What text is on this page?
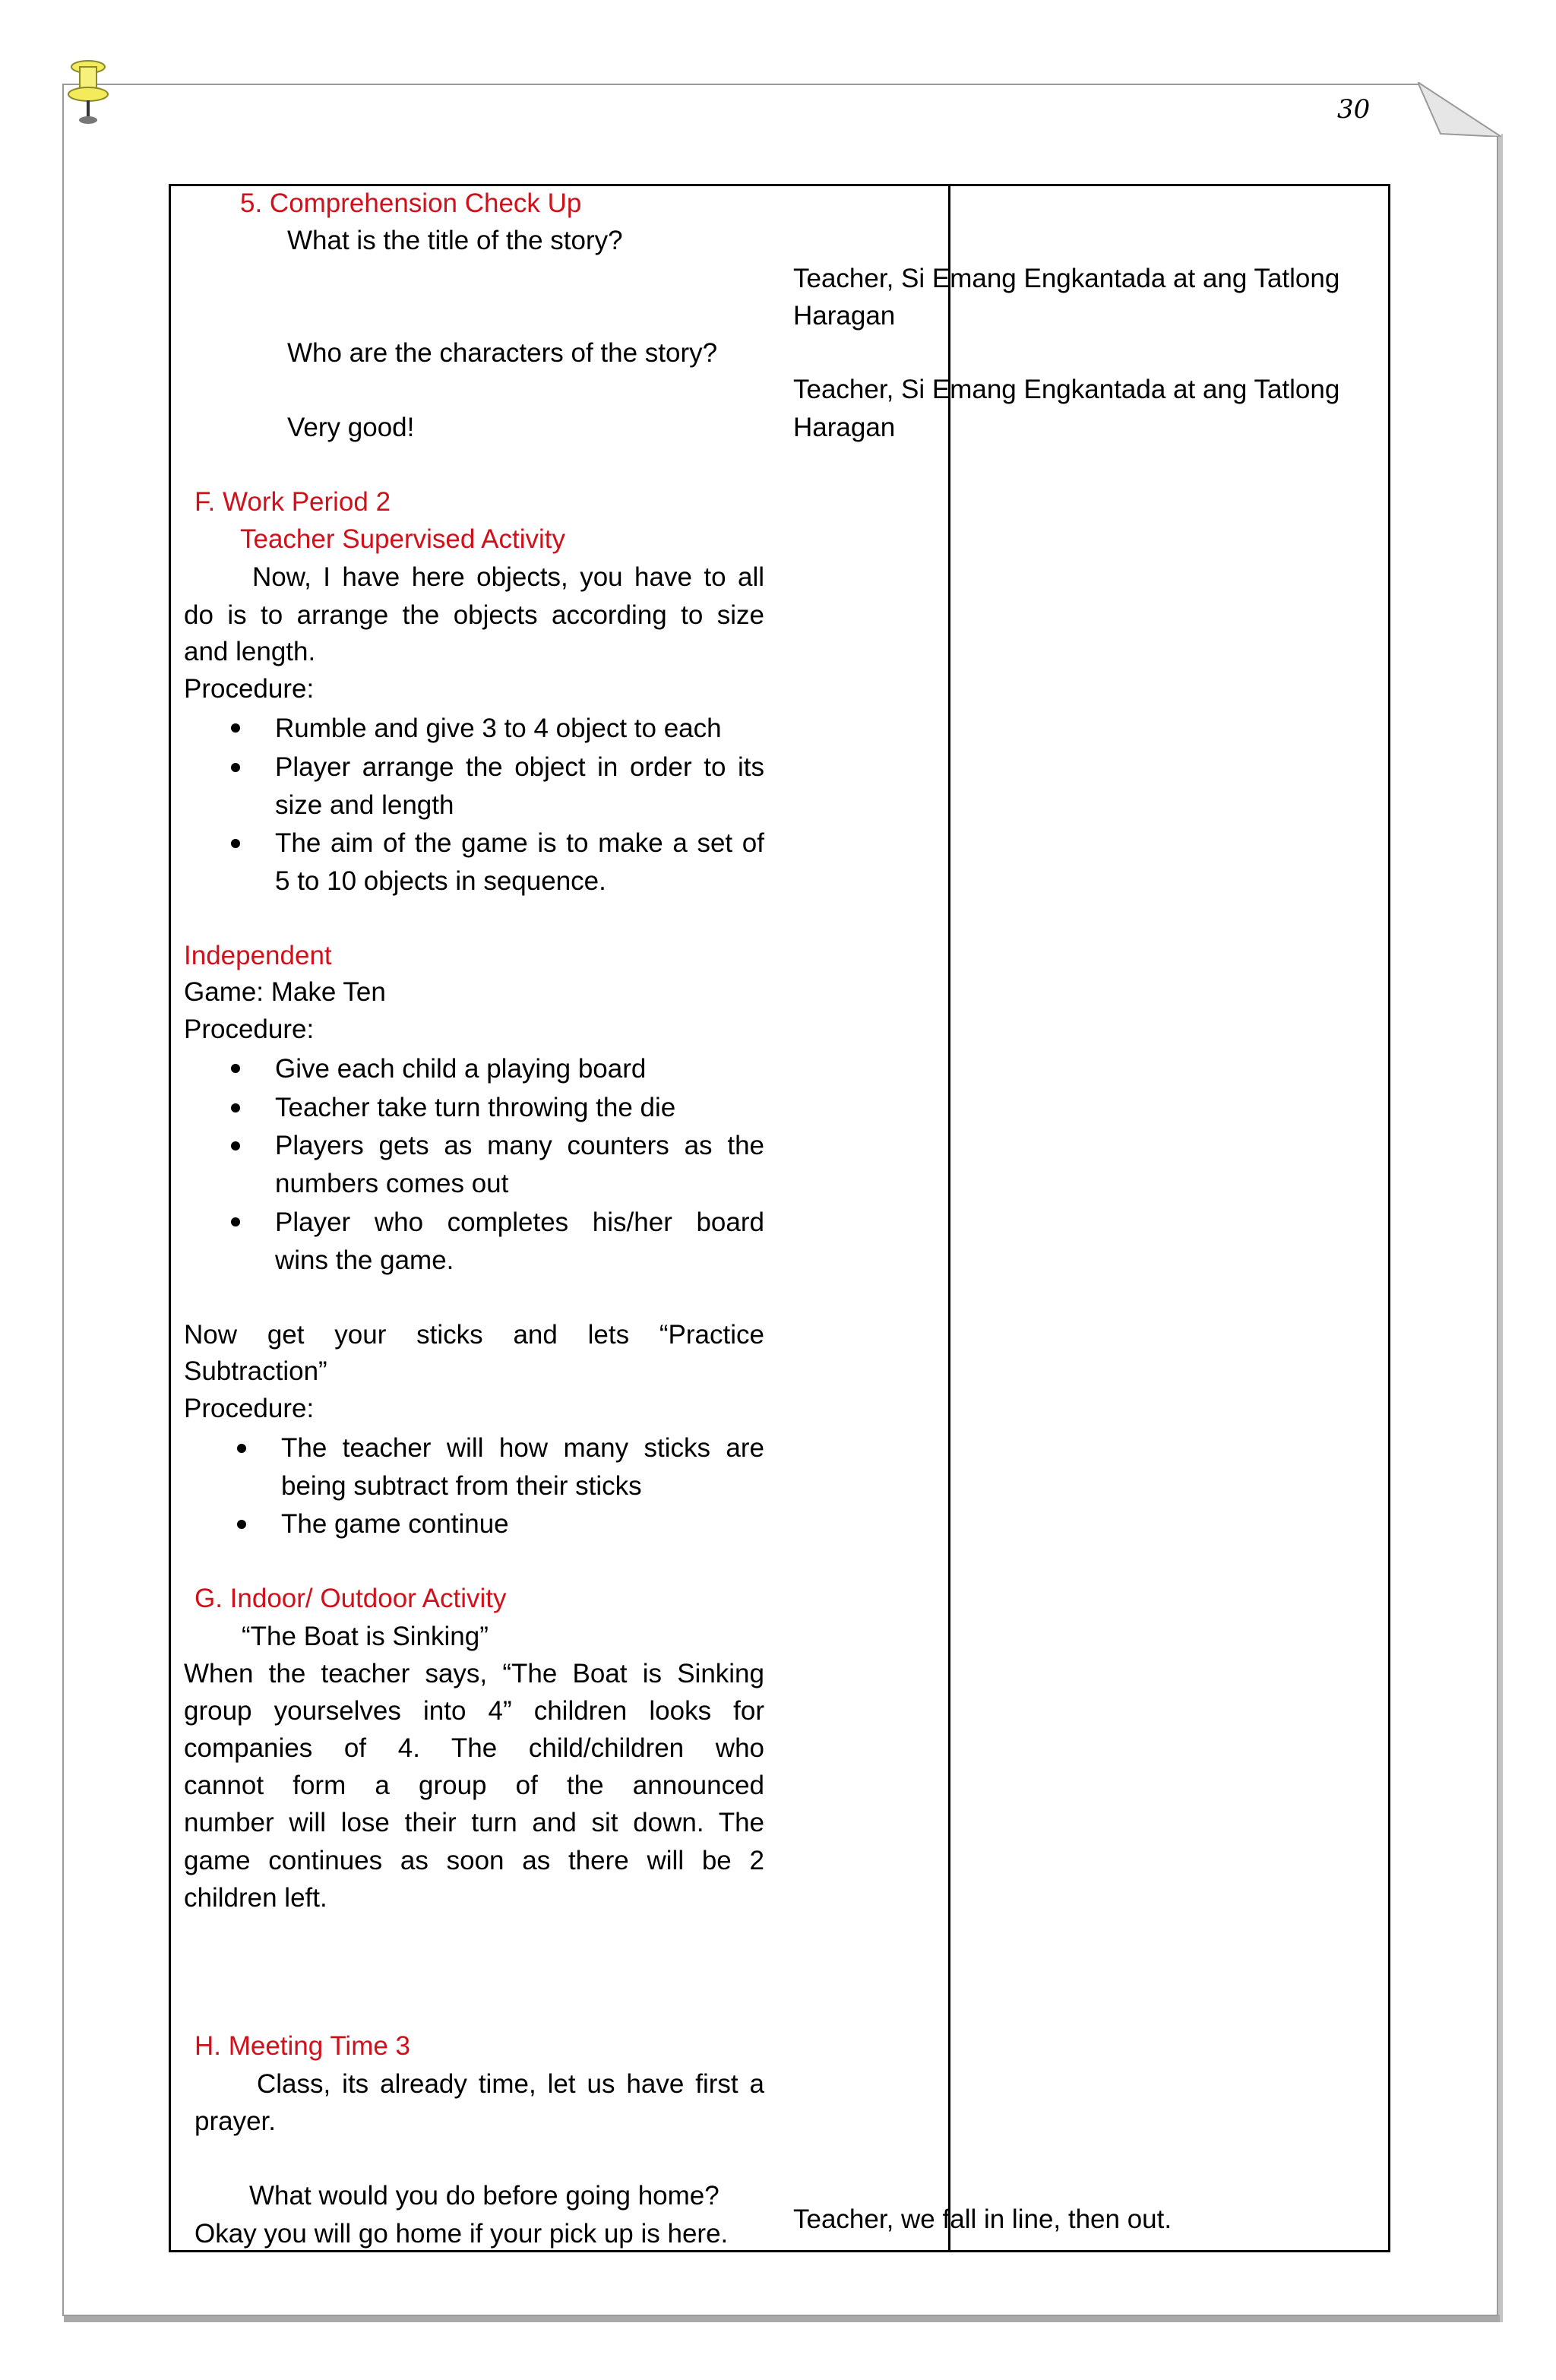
30
5. Comprehension Check Up
What is the title of the story?
Who are the characters of the story?
Very good!
F. Work Period 2
Teacher Supervised Activity
Now, I have here objects, you have to all
do is to arrange the objects according to size
and length.
Procedure:
Rumble and give 3 to 4 object to each
Player arrange the object in order to its
size and length
The aim of the game is to make a set of
5 to 10 objects in sequence.
Independent
Game: Make Ten
Procedure:
Give each child a playing board
Teacher take turn throwing the die
Players gets as many counters as the
numbers comes out
Player who completes his/her board
wins the game.
Now get your sticks and lets “Practice
Subtraction”
Procedure:
The teacher will how many sticks are
being subtract from their sticks
The game continue
G. Indoor/ Outdoor Activity
“The Boat is Sinking”
When the teacher says, “The Boat is Sinking
group yourselves into 4” children looks for
companies of 4. The child/children who
cannot form a group of the announced
number will lose their turn and sit down. The
game continues as soon as there will be 2
children left.
H. Meeting Time 3
Class, its already time, let us have first a
prayer.
What would you do before going home?
Okay you will go home if your pick up is here.
Teacher, Si Emang Engkantada at ang Tatlong
Haragan
Teacher, Si Emang Engkantada at ang Tatlong
Haragan
Teacher, we fall in line, then out.
